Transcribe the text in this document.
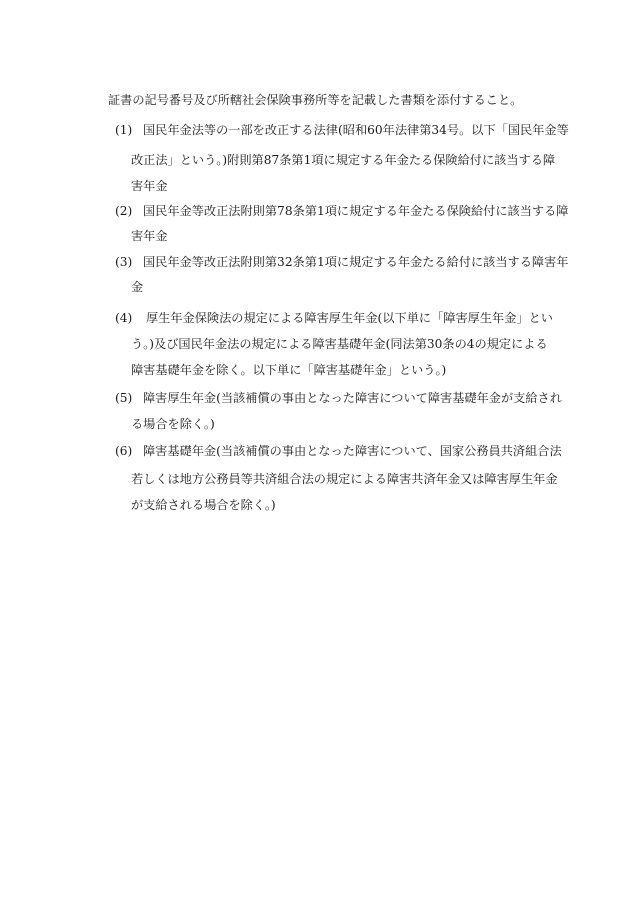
証書の記号番号及び所轄社会保険事務所等を記載した書類を添付すること。
(1) 国民年金法等の一部を改正する法律(昭和60年法律第34号。以下「国民年金等
改正法」という。)附則第87条第1項に規定する年金たる保険給付に該当する障
害年金
(2) 国民年金等改正法附則第78条第1項に規定する年金たる保険給付に該当する障
害年金
(3) 国民年金等改正法附則第32条第1項に規定する年金たる給付に該当する障害年
金
(4) 厚生年金保険法の規定による障害厚生年金(以下単に「障害厚生年金」とい
う。)及び国民年金法の規定による障害基礎年金(同法第30条の4の規定による
障害基礎年金を除く。以下単に「障害基礎年金」という。)
(5) 障害厚生年金(当該補償の事由となった障害について障害基礎年金が支給され
る場合を除く。)
(6) 障害基礎年金(当該補償の事由となった障害について、国家公務員共済組合法
若しくは地方公務員等共済組合法の規定による障害共済年金又は障害厚生年金
が支給される場合を除く。)
